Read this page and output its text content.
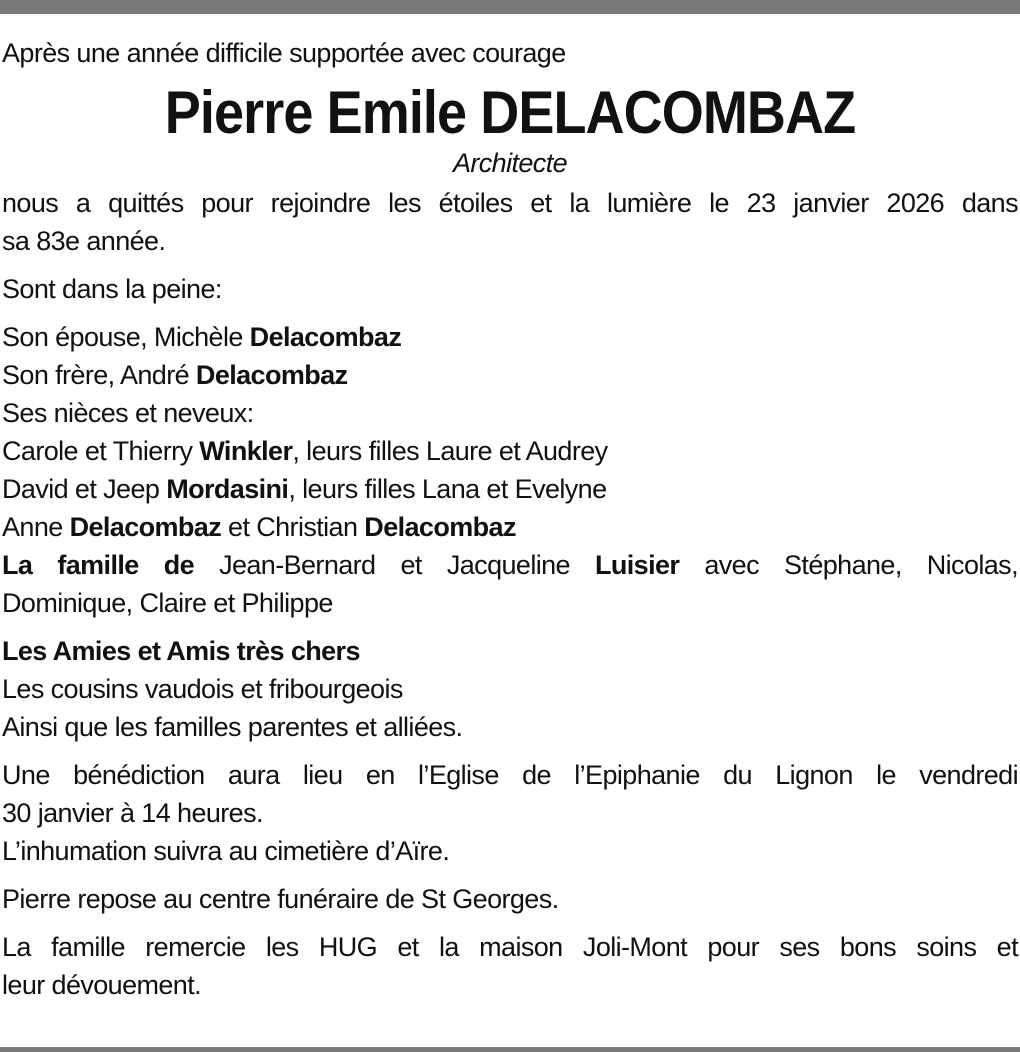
Après une année difficile supportée avec courage

Pierre Emile DELACOMBAZ

Architecte

nous a quittés pour rejoindre les étoiles et la lumière le 23 janvier 2026 dans
sa 83e année.

Sont dans la peine:

Son épouse, Michèle Delacombaz
Son frère, André Delacombaz
Ses nièces et neveux:
Carole et Thierry Winkler, leurs filles Laure et Audrey
David et Jeep Mordasini, leurs filles Lana et Evelyne
Anne Delacombaz et Christian Delacombaz
La famille de Jean-Bernard et Jacqueline Luisier avec Stéphane, Nicolas,
Dominique, Claire et Philippe

Les Amies et Amis très chers
Les cousins vaudois et fribourgeois
Ainsi que les familles parentes et alliées.

Une bénédiction aura lieu en l’Eglise de l’Epiphanie du Lignon le vendredi
30 janvier à 14 heures.
L’inhumation suivra au cimetière d’Aïre.

Pierre repose au centre funéraire de St Georges.

La famille remercie les HUG et la maison Joli-Mont pour ses bons soins et
leur dévouement.
